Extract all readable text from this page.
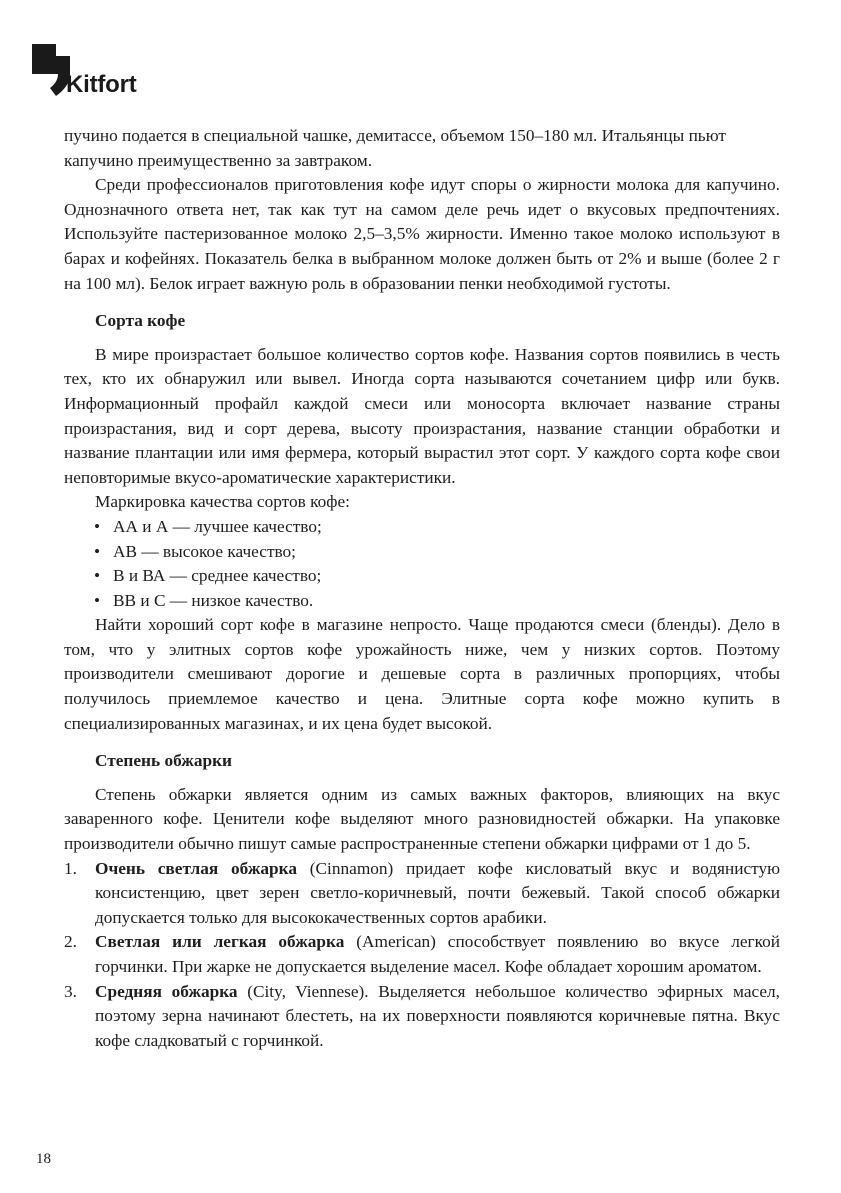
Kitfort

пучино подается в специальной чашке, демитассе, объемом 150–180 мл. Итальянцы пьют капучино преимущественно за завтраком.

Среди профессионалов приготовления кофе идут споры о жирности молока для капучино. Однозначного ответа нет, так как тут на самом деле речь идет о вкусовых предпочтениях. Используйте пастеризованное молоко 2,5–3,5% жирности. Именно такое молоко используют в барах и кофейнях. Показатель белка в выбранном молоке должен быть от 2% и выше (более 2 г на 100 мл). Белок играет важную роль в образовании пенки необходимой густоты.

Сорта кофе

В мире произрастает большое количество сортов кофе. Названия сортов появились в честь тех, кто их обнаружил или вывел. Иногда сорта называются сочетанием цифр или букв. Информационный профайл каждой смеси или моносорта включает название страны произрастания, вид и сорт дерева, высоту произрастания, название станции обработки и название плантации или имя фермера, который вырастил этот сорт. У каждого сорта кофе свои неповторимые вкусо-ароматические характеристики.

Маркировка качества сортов кофе:

• АА и А — лучшее качество;
• АВ — высокое качество;
• В и ВА — среднее качество;
• ВВ и С — низкое качество.

Найти хороший сорт кофе в магазине непросто. Чаще продаются смеси (бленды). Дело в том, что у элитных сортов кофе урожайность ниже, чем у низких сортов. Поэтому производители смешивают дорогие и дешевые сорта в различных пропорциях, чтобы получилось приемлемое качество и цена. Элитные сорта кофе можно купить в специализированных магазинах, и их цена будет высокой.

Степень обжарки

Степень обжарки является одним из самых важных факторов, влияющих на вкус заваренного кофе. Ценители кофе выделяют много разновидностей обжарки. На упаковке производители обычно пишут самые распространенные степени обжарки цифрами от 1 до 5.

1. Очень светлая обжарка (Cinnamon) придает кофе кисловатый вкус и водянистую консистенцию, цвет зерен светло-коричневый, почти бежевый. Такой способ обжарки допускается только для высококачественных сортов арабики.
2. Светлая или легкая обжарка (American) способствует появлению во вкусе легкой горчинки. При жарке не допускается выделение масел. Кофе обладает хорошим ароматом.
3. Средняя обжарка (City, Viennese). Выделяется небольшое количество эфирных масел, поэтому зерна начинают блестеть, на их поверхности появляются коричневые пятна. Вкус кофе сладковатый с горчинкой.
18
